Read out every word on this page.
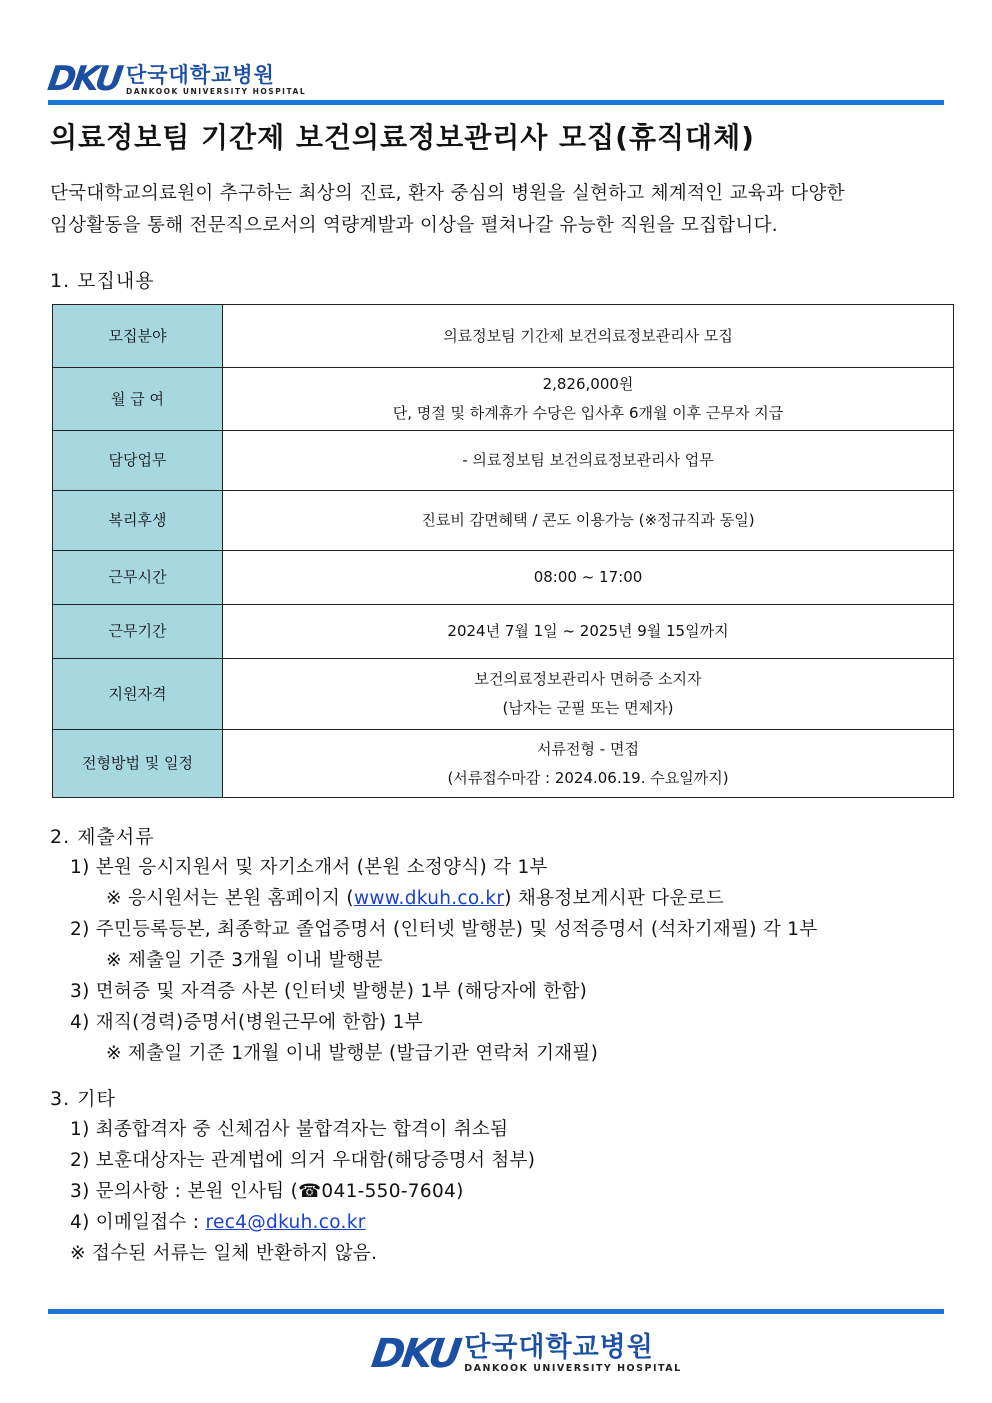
DKU 단국대학교병원
DANKOOK UNIVERSITY HOSPITAL
의료정보팀 기간제 보건의료정보관리사 모집(휴직대체)
단국대학교의료원이 추구하는 최상의 진료, 환자 중심의 병원을 실현하고 체계적인 교육과 다양한
임상활동을 통해 전문직으로서의 역량계발과 이상을 펼쳐나갈 유능한 직원을 모집합니다.
1. 모집내용
모집분야	의료정보팀 기간제 보건의료정보관리사 모집

월 급 여	2,826,000원
단, 명절 및 하계휴가 수당은 입사후 6개월 이후 근무자 지급

담당업무	- 의료정보팀 보건의료정보관리사 업무

복리후생	진료비 감면혜택 / 콘도 이용가능 (※정규직과 동일)

근무시간	08:00 ~ 17:00

근무기간	2024년 7월 1일 ~ 2025년 9월 15일까지

지원자격	보건의료정보관리사 면허증 소지자
(남자는 군필 또는 면제자)

전형방법 및 일정	서류전형 - 면접
(서류접수마감 : 2024.06.19. 수요일까지)
2. 제출서류
1) 본원 응시지원서 및 자기소개서 (본원 소정양식) 각 1부
※ 응시원서는 본원 홈페이지 (www.dkuh.co.kr) 채용정보게시판 다운로드
2) 주민등록등본, 최종학교 졸업증명서 (인터넷 발행분) 및 성적증명서 (석차기재필) 각 1부
※ 제출일 기준 3개월 이내 발행분
3) 면허증 및 자격증 사본 (인터넷 발행분) 1부 (해당자에 한함)
4) 재직(경력)증명서(병원근무에 한함) 1부
※ 제출일 기준 1개월 이내 발행분 (발급기관 연락처 기재필)
3. 기타
1) 최종합격자 중 신체검사 불합격자는 합격이 취소됨
2) 보훈대상자는 관계법에 의거 우대함(해당증명서 첨부)
3) 문의사항 : 본원 인사팀 (☎041-550-7604)
4) 이메일접수 : rec4@dkuh.co.kr
※ 접수된 서류는 일체 반환하지 않음.
DKU 단국대학교병원
DANKOOK UNIVERSITY HOSPITAL
